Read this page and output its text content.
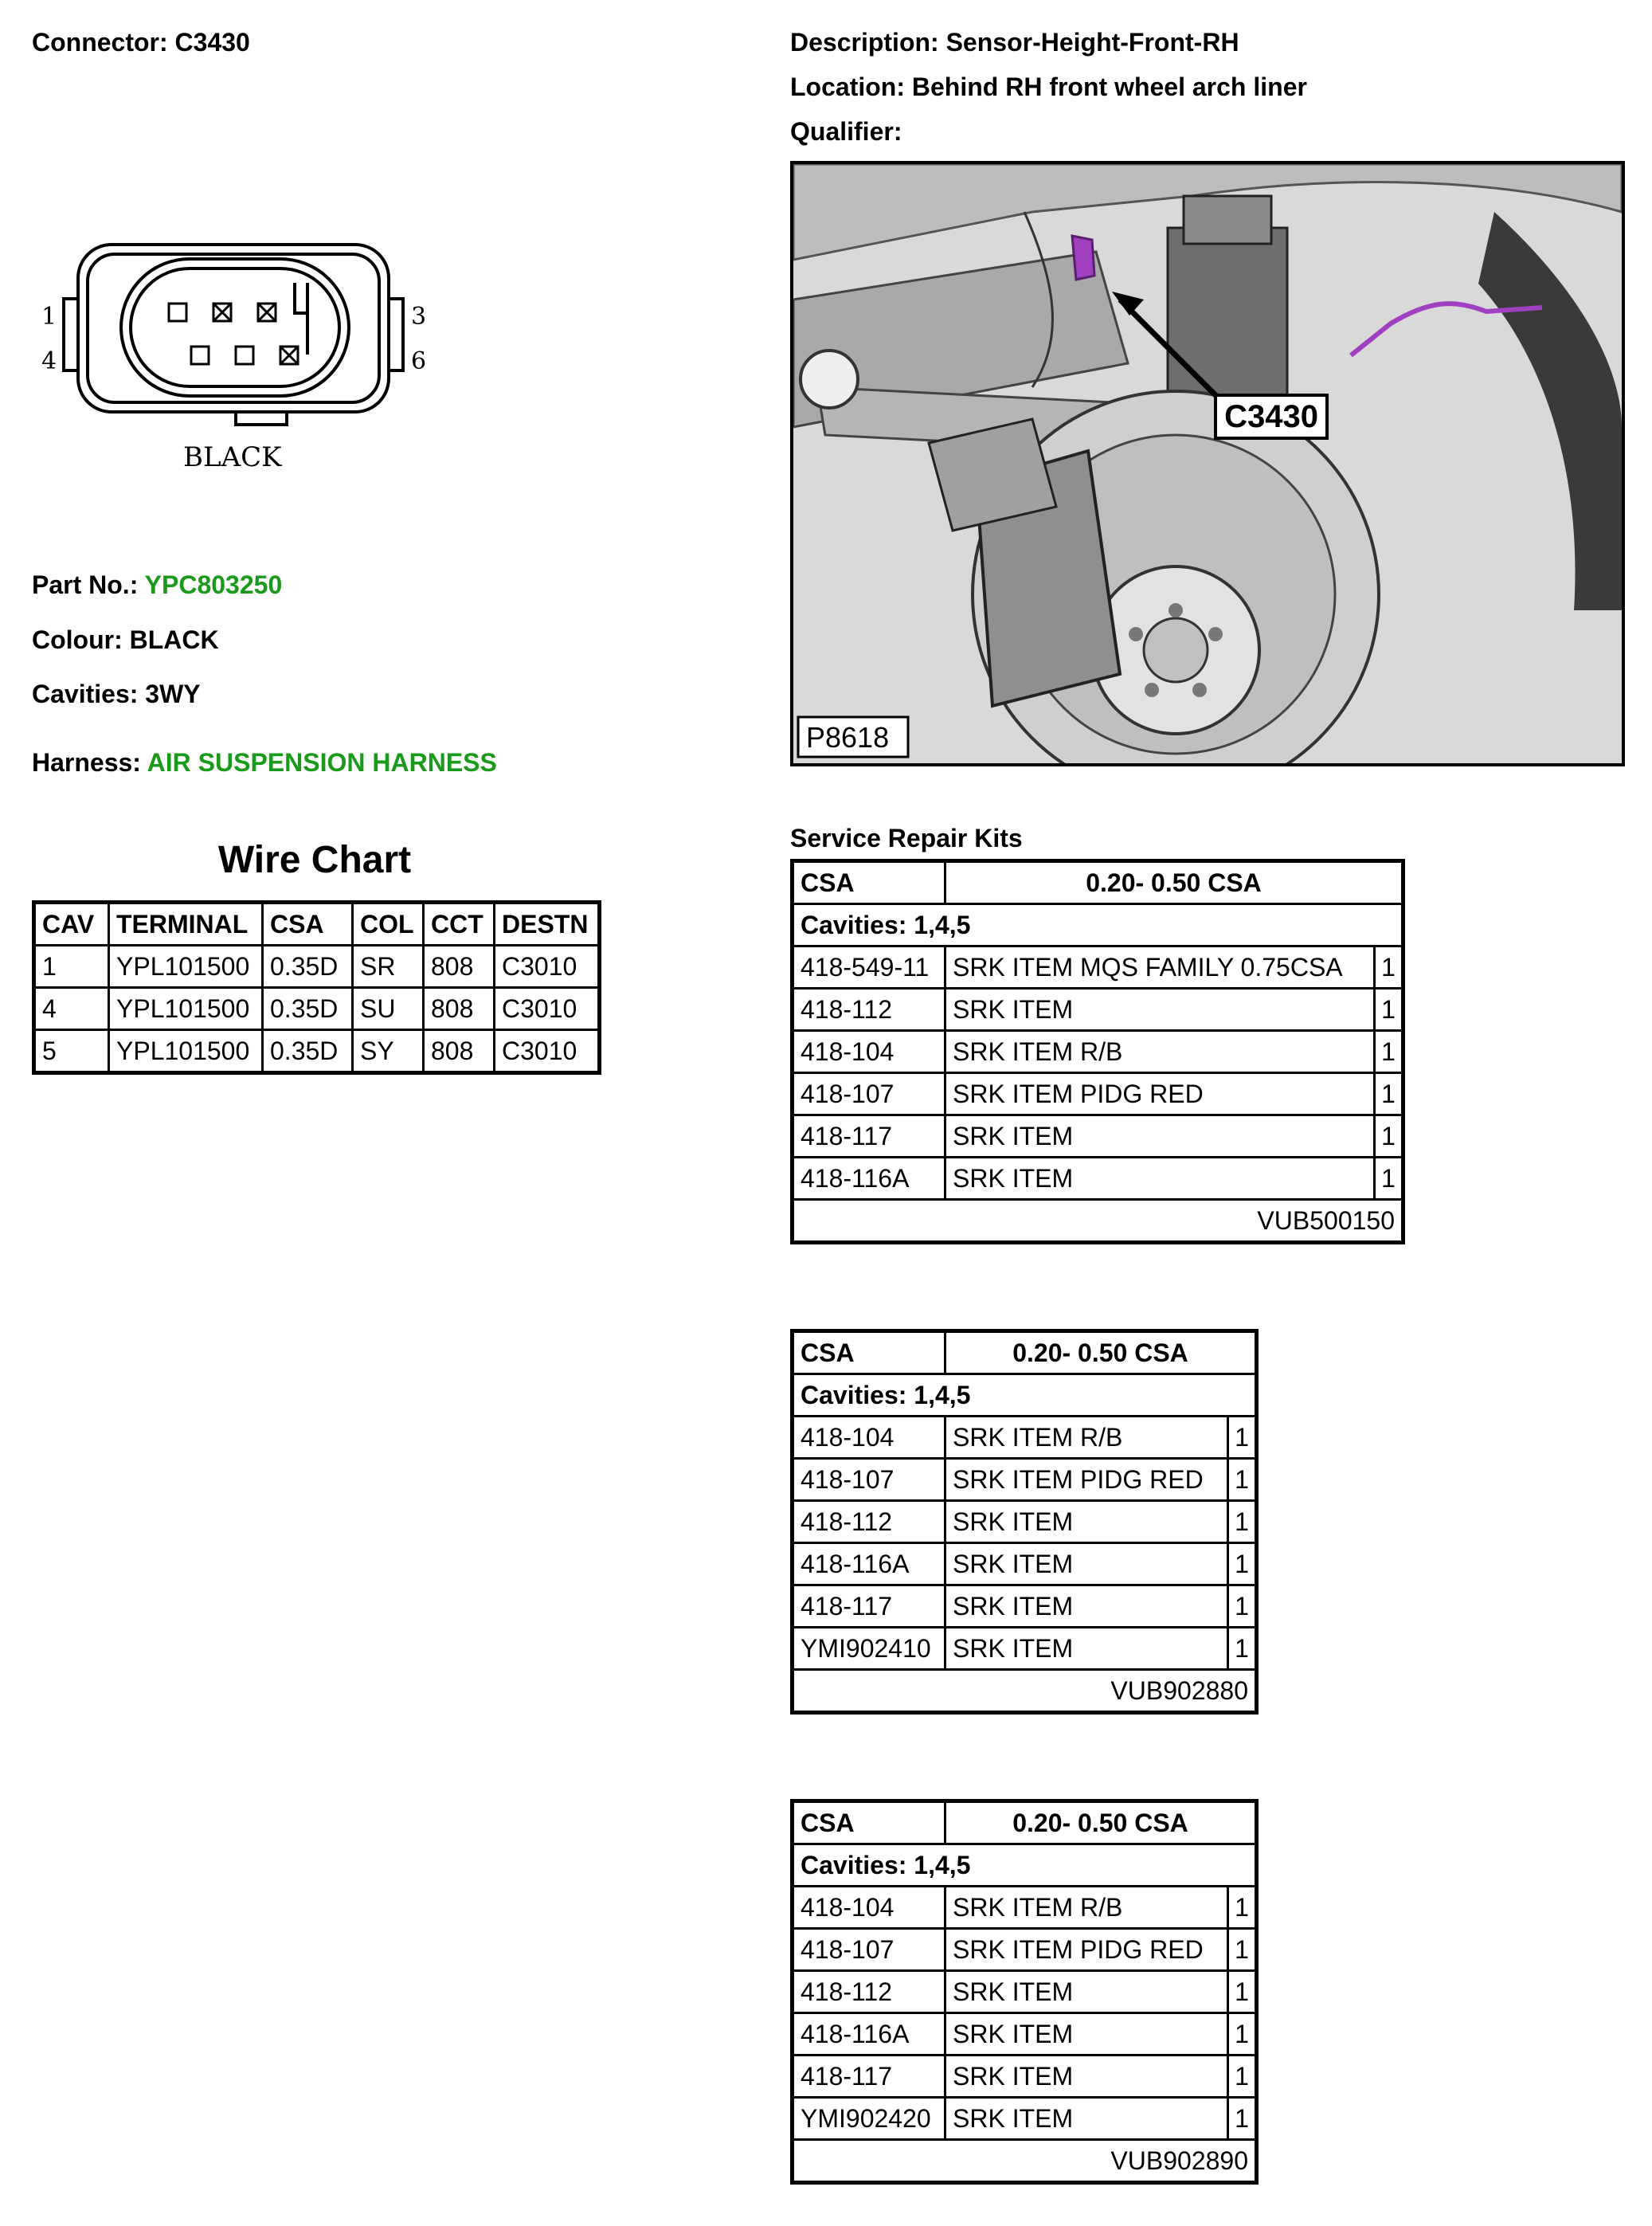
Connector: C3430	Description: Sensor-Height-Front-RH
Location: Behind RH front wheel arch liner
Qualifier:
1
4
3
6
BLACK
C3430
P8618
Part No.: YPC803250
Colour: BLACK
Cavities: 3WY
Harness: AIR SUSPENSION HARNESS
Wire Chart
CAV	TERMINAL	CSA	COL	CCT	DESTN
1	YPL101500	0.35D	SR	808	C3010
4	YPL101500	0.35D	SU	808	C3010
5	YPL101500	0.35D	SY	808	C3010
Service Repair Kits
CSA	0.20- 0.50 CSA	
Cavities: 1,4,5		
418-549-11	SRK ITEM MQS FAMILY 0.75CSA	1
418-112	SRK ITEM	1
418-104	SRK ITEM R/B	1
418-107	SRK ITEM PIDG RED	1
418-117	SRK ITEM	1
418-116A	SRK ITEM	1
VUB500150		
CSA	0.20- 0.50 CSA	
Cavities: 1,4,5		
418-104	SRK ITEM R/B	1
418-107	SRK ITEM PIDG RED	1
418-112	SRK ITEM	1
418-116A	SRK ITEM	1
418-117	SRK ITEM	1
YMI902410	SRK ITEM	1
VUB902880		
CSA	0.20- 0.50 CSA	
Cavities: 1,4,5		
418-104	SRK ITEM R/B	1
418-107	SRK ITEM PIDG RED	1
418-112	SRK ITEM	1
418-116A	SRK ITEM	1
418-117	SRK ITEM	1
YMI902420	SRK ITEM	1
VUB902890		
